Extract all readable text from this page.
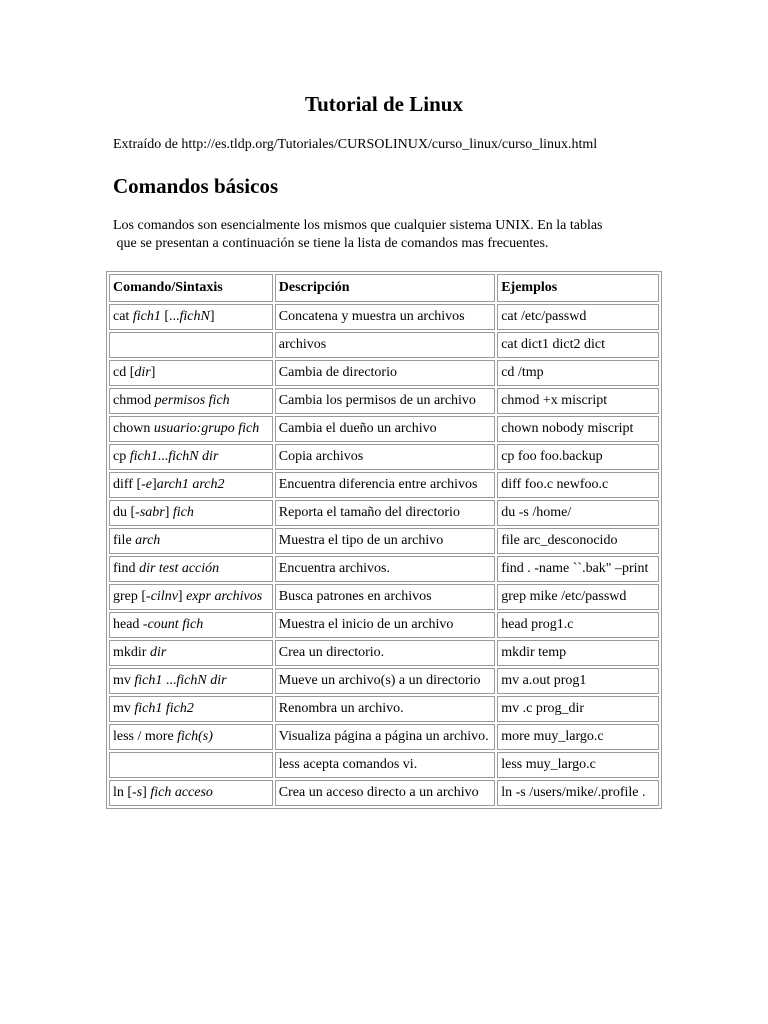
Tutorial de Linux

Extraído de http://es.tldp.org/Tutoriales/CURSOLINUX/curso_linux/curso_linux.html

Comandos básicos

Los comandos son esencialmente los mismos que cualquier sistema UNIX. En la tablas
que se presentan a continuación se tiene la lista de comandos mas frecuentes.

Comando/Sintaxis	Descripción	Ejemplos
cat fich1 [...fichN]	Concatena y muestra un archivos	cat /etc/passwd
	archivos	cat dict1 dict2 dict
cd [dir]	Cambia de directorio	cd /tmp
chmod permisos fich	Cambia los permisos de un archivo	chmod +x miscript
chown usuario:grupo fich	Cambia el dueño un archivo	chown nobody miscript
cp fich1...fichN dir	Copia archivos	cp foo foo.backup
diff [-e]arch1 arch2	Encuentra diferencia entre archivos	diff foo.c newfoo.c
du [-sabr] fich	Reporta el tamaño del directorio	du -s /home/
file arch	Muestra el tipo de un archivo	file arc_desconocido
find dir test acción	Encuentra archivos.	find . -name ``.bak" –print
grep [-cilnv] expr archivos	Busca patrones en archivos	grep mike /etc/passwd
head -count fich	Muestra el inicio de un archivo	head prog1.c
mkdir dir	Crea un directorio.	mkdir temp
mv fich1 ...fichN dir	Mueve un archivo(s) a un directorio	mv a.out prog1
mv fich1 fich2	Renombra un archivo.	mv .c prog_dir
less / more fich(s)	Visualiza página a página un archivo.	more muy_largo.c
	less acepta comandos vi.	less muy_largo.c
ln [-s] fich acceso	Crea un acceso directo a un archivo	ln -s /users/mike/.profile .
